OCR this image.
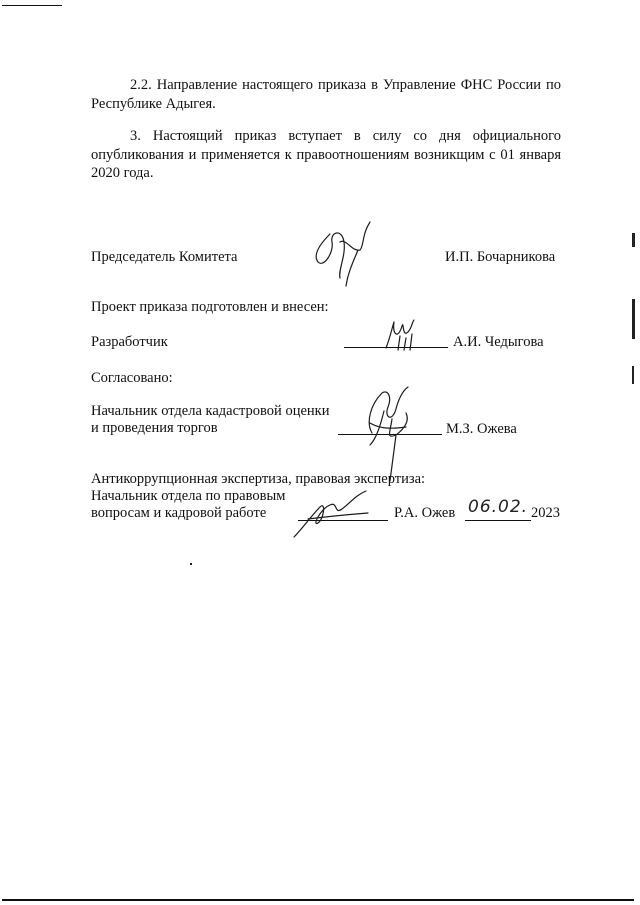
2.2. Направление настоящего приказа в Управление ФНС России по Республике Адыгея.
3. Настоящий приказ вступает в силу со дня официального опубликования и применяется к правоотношениям возникщим с 01 января 2020 года.
Председатель Комитета	И.П. Бочарникова
Проект приказа подготовлен и внесен:
Разработчик	А.И. Чедыгова
Согласовано:
Начальник отдела кадастровой оценки
и проведения торгов	М.З. Ожева
Антикоррупционная экспертиза, правовая экспертиза:
Начальник отдела по правовым
вопросам и кадровой работе	Р.А. Ожев 06.02. 2023
